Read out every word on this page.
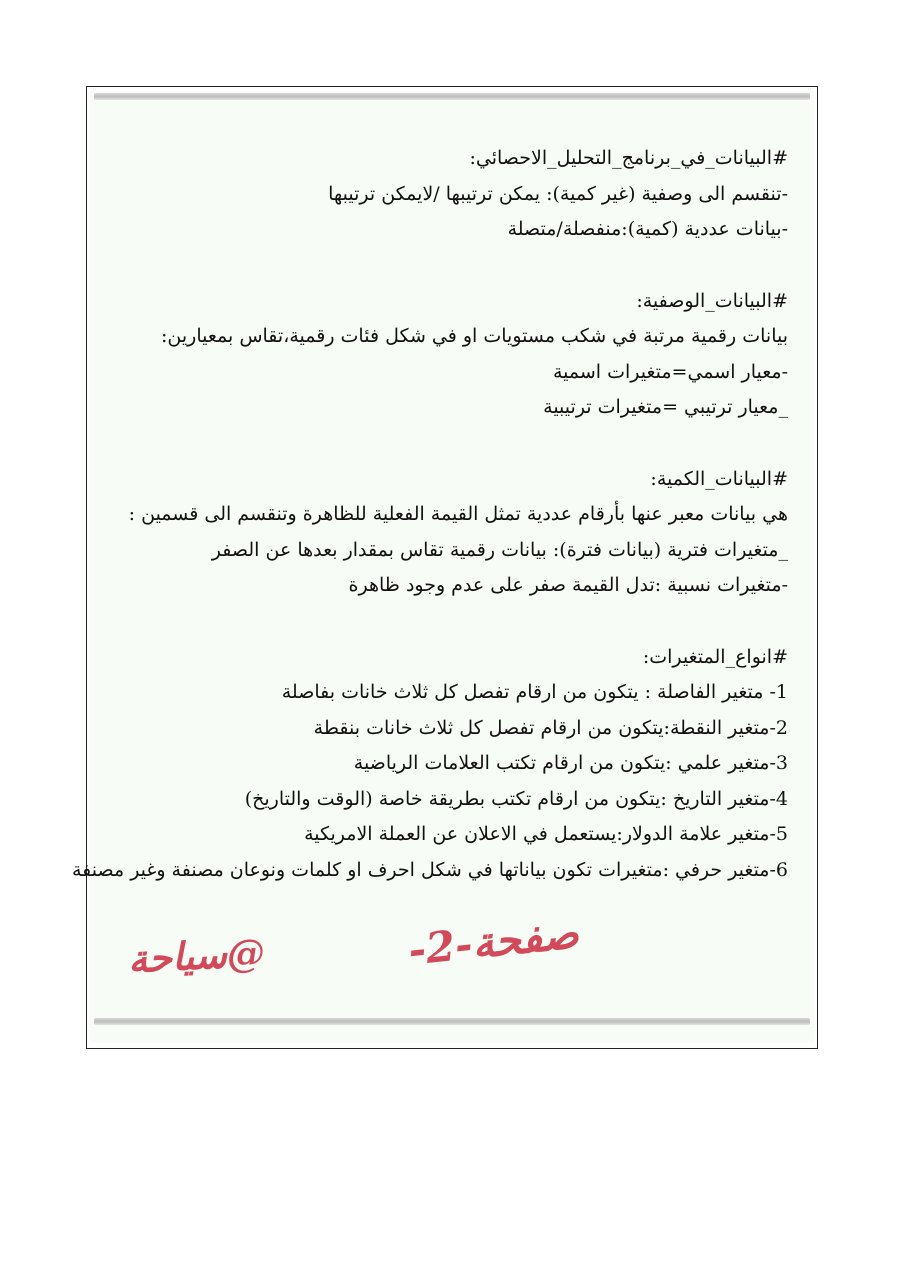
#البيانات_في_برنامج_التحليل_الاحصائي:
-تنقسم الى وصفية (غير كمية): يمكن ترتيبها /لايمكن ترتيبها
-بيانات عددية (كمية):منفصلة/متصلة
#البيانات_الوصفية:
بيانات رقمية مرتبة في شكب مستويات او في شكل فئات رقمية،تقاس بمعيارين:
-معيار اسمي=متغيرات اسمية
_معيار ترتيبي =متغيرات ترتيبية
#البيانات_الكمية:
هي بيانات معبر عنها بأرقام عددية تمثل القيمة الفعلية للظاهرة وتنقسم الى قسمين :
_متغيرات فترية (بيانات فترة): بيانات رقمية تقاس بمقدار بعدها عن الصفر
-متغيرات نسبية :تدل القيمة صفر على عدم وجود ظاهرة
#انواع_المتغيرات:
1- متغير الفاصلة : يتكون من ارقام تفصل كل ثلاث خانات بفاصلة
2-متغير النقطة:يتكون من ارقام تفصل كل ثلاث خانات بنقطة
3-متغير علمي :يتكون من ارقام تكتب العلامات الرياضية
4-متغير التاريخ :يتكون من ارقام تكتب بطريقة خاصة (الوقت والتاريخ)
5-متغير علامة الدولار:يستعمل في الاعلان عن العملة الامريكية
6-متغير حرفي :متغيرات تكون بياناتها في شكل احرف او كلمات ونوعان مصنفة وغير مصنفة
صفحة-2-
@سياحة
